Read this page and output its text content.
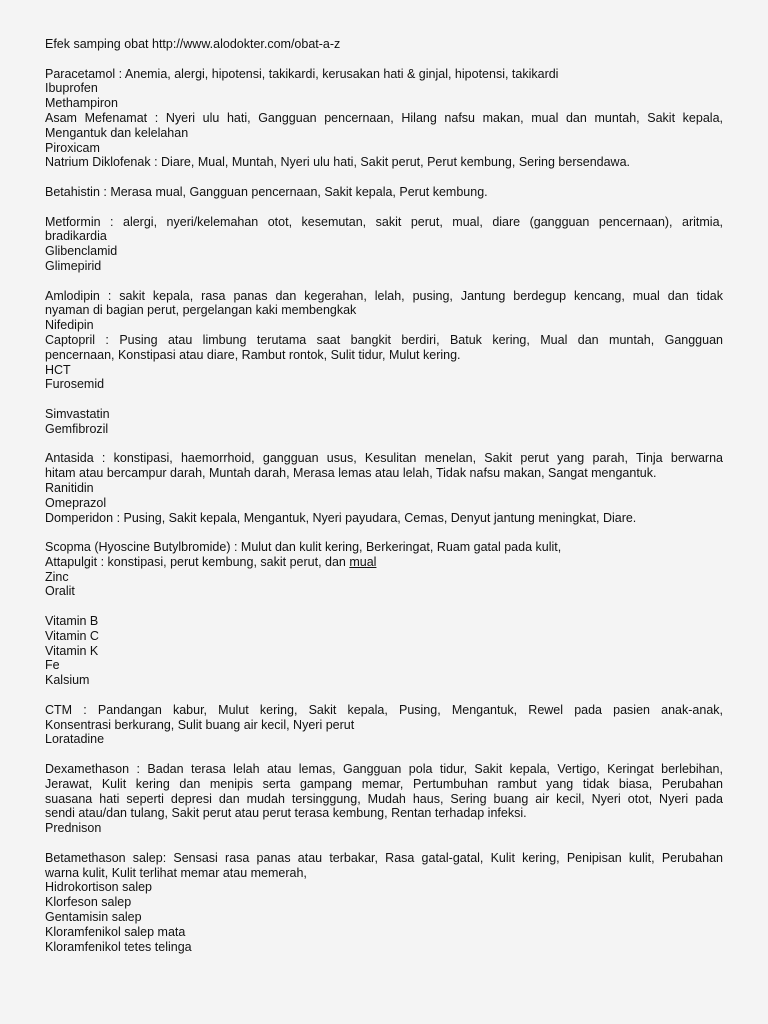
Efek samping obat http://www.alodokter.com/obat-a-z
Paracetamol : Anemia, alergi, hipotensi, takikardi, kerusakan hati & ginjal, hipotensi, takikardi
Ibuprofen
Methampiron
Asam Mefenamat : Nyeri ulu hati, Gangguan pencernaan, Hilang nafsu makan, mual dan muntah, Sakit kepala,
Mengantuk dan kelelahan
Piroxicam
Natrium Diklofenak : Diare, Mual, Muntah, Nyeri ulu hati, Sakit perut, Perut kembung, Sering bersendawa.
Betahistin : Merasa mual, Gangguan pencernaan, Sakit kepala, Perut kembung.
Metformin : alergi, nyeri/kelemahan otot, kesemutan, sakit perut, mual, diare (gangguan pencernaan), aritmia,
bradikardia
Glibenclamid
Glimepirid
Amlodipin : sakit kepala, rasa panas dan kegerahan, lelah, pusing, Jantung berdegup kencang, mual dan tidak
nyaman di bagian perut, pergelangan kaki membengkak
Nifedipin
Captopril : Pusing atau limbung terutama saat bangkit berdiri, Batuk kering, Mual dan muntah, Gangguan
pencernaan, Konstipasi atau diare, Rambut rontok, Sulit tidur, Mulut kering.
HCT
Furosemid
Simvastatin
Gemfibrozil
Antasida : konstipasi, haemorrhoid, gangguan usus, Kesulitan menelan, Sakit perut yang parah, Tinja berwarna
hitam atau bercampur darah, Muntah darah, Merasa lemas atau lelah, Tidak nafsu makan, Sangat mengantuk.
Ranitidin
Omeprazol
Domperidon : Pusing, Sakit kepala, Mengantuk, Nyeri payudara, Cemas, Denyut jantung meningkat, Diare.
Scopma (Hyoscine Butylbromide) : Mulut dan kulit kering, Berkeringat, Ruam gatal pada kulit,
Attapulgit : konstipasi, perut kembung, sakit perut, dan mual
Zinc
Oralit
Vitamin B
Vitamin C
Vitamin K
Fe
Kalsium
CTM : Pandangan kabur, Mulut kering, Sakit kepala, Pusing, Mengantuk, Rewel pada pasien anak-anak,
Konsentrasi berkurang, Sulit buang air kecil, Nyeri perut
Loratadine
Dexamethason : Badan terasa lelah atau lemas, Gangguan pola tidur, Sakit kepala, Vertigo, Keringat berlebihan,
Jerawat, Kulit kering dan menipis serta gampang memar, Pertumbuhan rambut yang tidak biasa, Perubahan
suasana hati seperti depresi dan mudah tersinggung, Mudah haus, Sering buang air kecil, Nyeri otot, Nyeri pada
sendi atau/dan tulang, Sakit perut atau perut terasa kembung, Rentan terhadap infeksi.
Prednison
Betamethason salep: Sensasi rasa panas atau terbakar, Rasa gatal-gatal, Kulit kering, Penipisan kulit, Perubahan
warna kulit, Kulit terlihat memar atau memerah,
Hidrokortison salep
Klorfeson salep
Gentamisin salep
Kloramfenikol salep mata
Kloramfenikol tetes telinga
